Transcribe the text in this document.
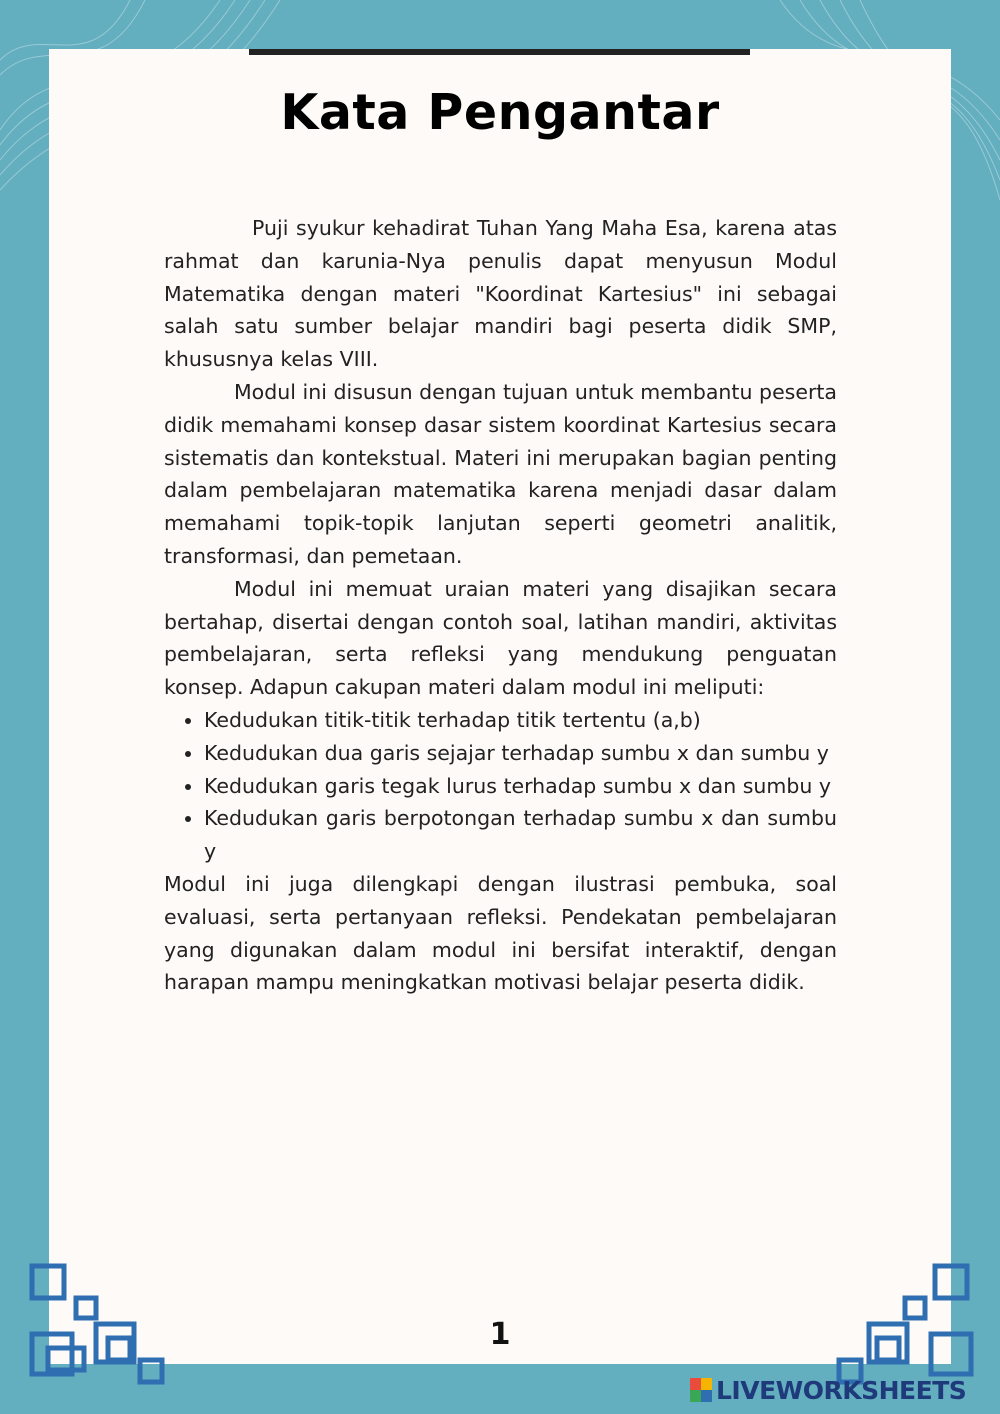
Kata Pengantar

Puji syukur kehadirat Tuhan Yang Maha Esa, karena atas rahmat dan karunia-Nya penulis dapat menyusun Modul Matematika dengan materi "Koordinat Kartesius" ini sebagai salah satu sumber belajar mandiri bagi peserta didik SMP, khususnya kelas VIII.

Modul ini disusun dengan tujuan untuk membantu peserta didik memahami konsep dasar sistem koordinat Kartesius secara sistematis dan kontekstual. Materi ini merupakan bagian penting dalam pembelajaran matematika karena menjadi dasar dalam memahami topik-topik lanjutan seperti geometri analitik, transformasi, dan pemetaan.

Modul ini memuat uraian materi yang disajikan secara bertahap, disertai dengan contoh soal, latihan mandiri, aktivitas pembelajaran, serta refleksi yang mendukung penguatan konsep. Adapun cakupan materi dalam modul ini meliputi:

• Kedudukan titik-titik terhadap titik tertentu (a,b)
• Kedudukan dua garis sejajar terhadap sumbu x dan sumbu y
• Kedudukan garis tegak lurus terhadap sumbu x dan sumbu y
• Kedudukan garis berpotongan terhadap sumbu x dan sumbu y

Modul ini juga dilengkapi dengan ilustrasi pembuka, soal evaluasi, serta pertanyaan refleksi. Pendekatan pembelajaran yang digunakan dalam modul ini bersifat interaktif, dengan harapan mampu meningkatkan motivasi belajar peserta didik.

1
LIVEWORKSHEETS
